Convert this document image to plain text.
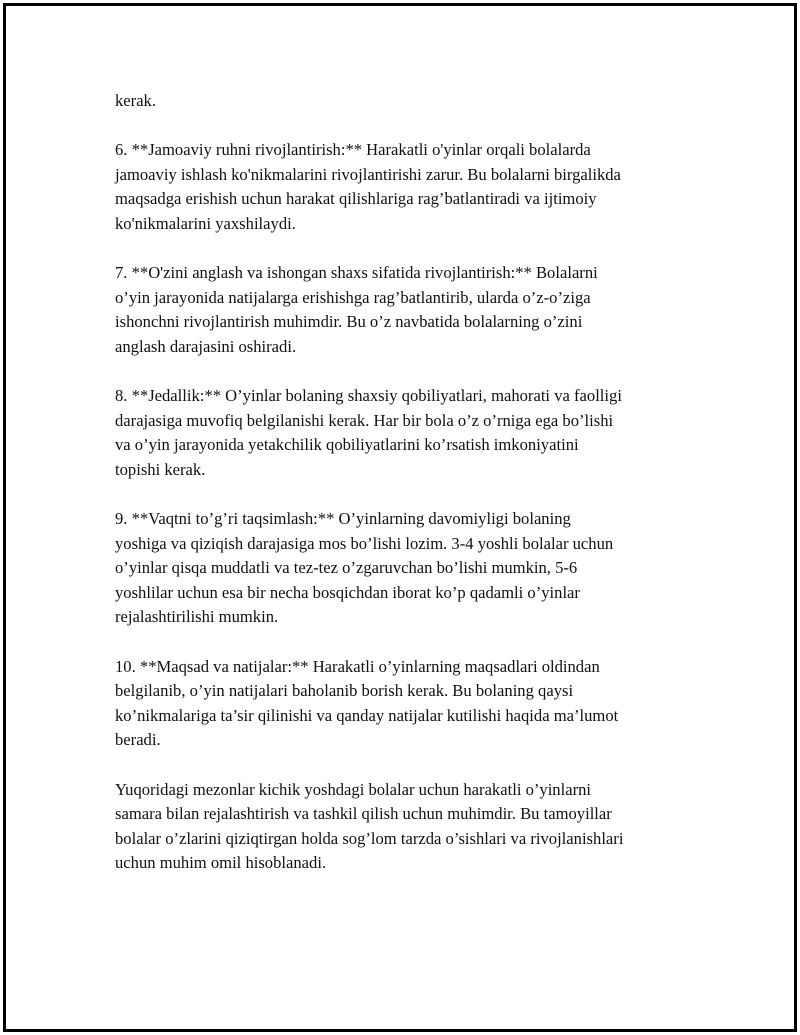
kerak.

6. **Jamoaviy ruhni rivojlantirish:** Harakatli o'yinlar orqali bolalarda
jamoaviy ishlash ko'nikmalarini rivojlantirishi zarur. Bu bolalarni birgalikda
maqsadga erishish uchun harakat qilishlariga rag’batlantiradi va ijtimoiy
ko'nikmalarini yaxshilaydi.

7. **O'zini anglash va ishongan shaxs sifatida rivojlantirish:** Bolalarni
o’yin jarayonida natijalarga erishishga rag’batlantirib, ularda o’z-o’ziga
ishonchni rivojlantirish muhimdir. Bu o’z navbatida bolalarning o’zini
anglash darajasini oshiradi.

8. **Jedallik:** O’yinlar bolaning shaxsiy qobiliyatlari, mahorati va faolligi
darajasiga muvofiq belgilanishi kerak. Har bir bola o’z o’rniga ega bo’lishi
va o’yin jarayonida yetakchilik qobiliyatlarini ko’rsatish imkoniyatini
topishi kerak.

9. **Vaqtni to’g’ri taqsimlash:** O’yinlarning davomiyligi bolaning
yoshiga va qiziqish darajasiga mos bo’lishi lozim. 3-4 yoshli bolalar uchun
o’yinlar qisqa muddatli va tez-tez o’zgaruvchan bo’lishi mumkin, 5-6
yoshlilar uchun esa bir necha bosqichdan iborat ko’p qadamli o’yinlar
rejalashtirilishi mumkin.

10. **Maqsad va natijalar:** Harakatli o’yinlarning maqsadlari oldindan
belgilanib, o’yin natijalari baholanib borish kerak. Bu bolaning qaysi
ko’nikmalariga ta’sir qilinishi va qanday natijalar kutilishi haqida ma’lumot
beradi.

Yuqoridagi mezonlar kichik yoshdagi bolalar uchun harakatli o’yinlarni
samara bilan rejalashtirish va tashkil qilish uchun muhimdir. Bu tamoyillar
bolalar o’zlarini qiziqtirgan holda sog’lom tarzda o’sishlari va rivojlanishlari
uchun muhim omil hisoblanadi.
